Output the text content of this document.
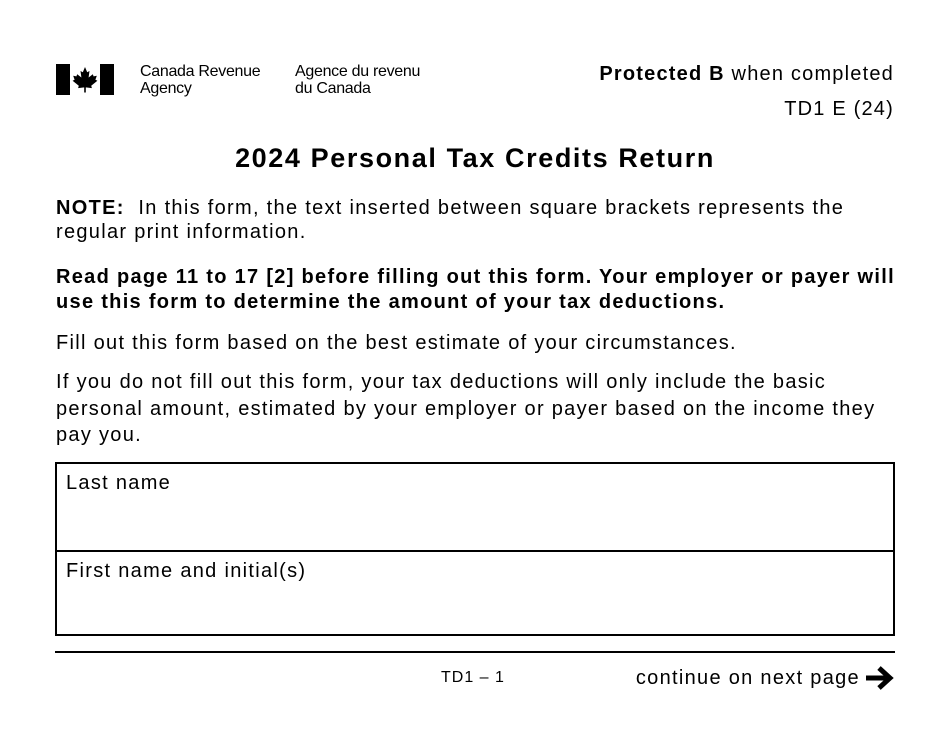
Canada Revenue
Agency
Agence du revenu
du Canada
Protected B when completed
TD1 E (24)
2024 Personal Tax Credits Return
NOTE:  In this form, the text inserted between square brackets represents the regular print information.
Read page 11 to 17 [2] before filling out this form. Your employer or payer will use this form to determine the amount of your tax deductions.
Fill out this form based on the best estimate of your circumstances.
If you do not fill out this form, your tax deductions will only include the basic personal amount, estimated by your employer or payer based on the income they pay you.
Last name
First name and initial(s)
TD1 – 1	continue on next page
